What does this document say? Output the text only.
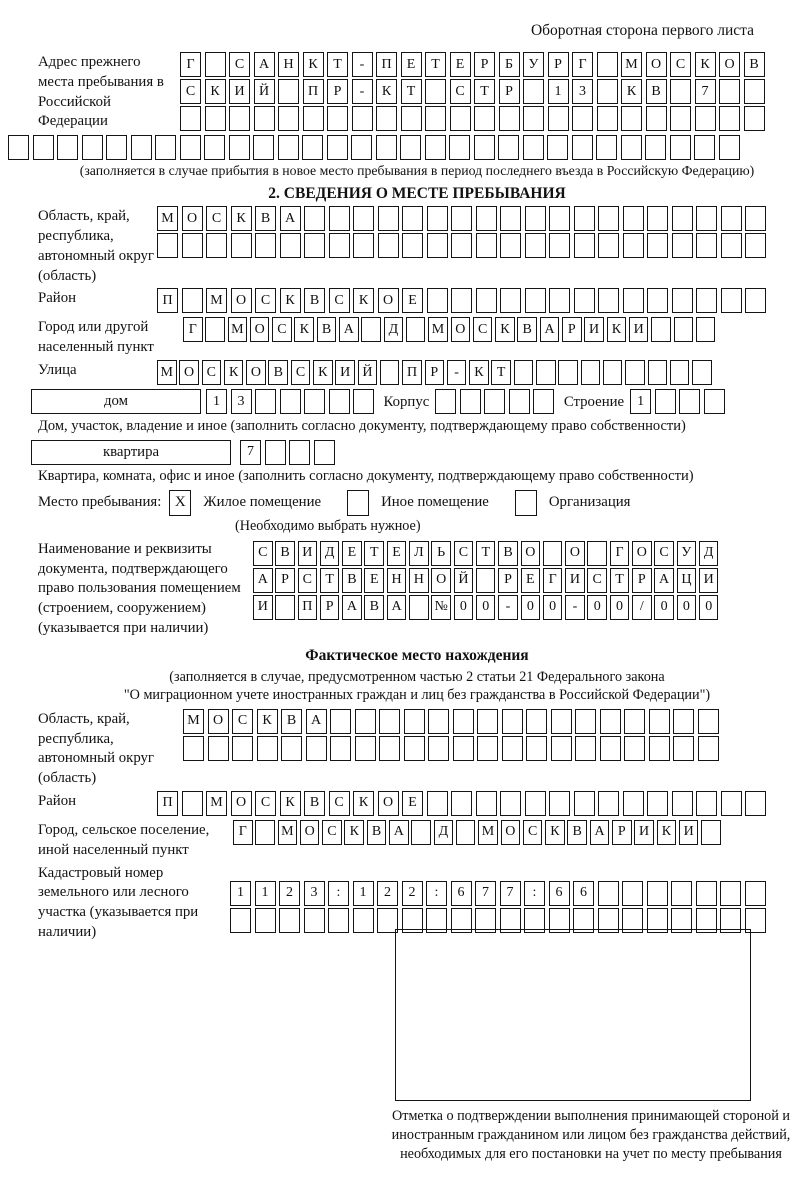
Оборотная сторона первого листа
Адрес прежнего места пребывания в Российской Федерации
Г	С	А	Н	К	Т	-	П	Е	Т	Е	Р	Б	У	Р	Г	М О	С	К	О	В
С	К	И	Й	П	Р	-	К	Т	С	Т	Р	1	3	К	В	7
(заполняется в случае прибытия в новое место пребывания в период последнего въезда в Российскую Федерацию)
2. СВЕДЕНИЯ О МЕСТЕ ПРЕБЫВАНИЯ
Область, край, республика, автономный округ (область)
М О	С	К	В	А
Район	П	М О	С	К	В	С	К	О	Е
Город или другой населенный пункт
Г	М О С К В А	Д	М О С К В А Р И К И
Улица	М О С К О В С К И Й	П Р	-	К Т
дом	1	3	Корпус	Строение 1
Дом, участок, владение и иное (заполнить согласно документу, подтверждающему право собственности)
квартира	7
Квартира, комната, офис и иное (заполнить согласно документу, подтверждающему право собственности)
Место пребывания: X	Жилое помещение	Иное помещение	Организация
(Необходимо выбрать нужное)
Наименование и реквизиты документа, подтверждающего право пользования помещением (строением, сооружением) (указывается при наличии)
С В И Д Е Т Е Л Ь С Т В О	О	Г О С У Д
А Р С Т В Е Н Н О Й	Р	Е Г И С Т	Р А Ц И
И	П Р А В А	№ 0	0	-	0	0	-	0	0	/	0	0	0
Фактическое место нахождения
(заполняется в случае, предусмотренном частью 2 статьи 21 Федерального закона
"О миграционном учете иностранных граждан и лиц без гражданства в Российской Федерации")
Область, край, республика, автономный округ (область)
М О	С	К	В	А
Район	П	М О	С	К	В	С	К	О	Е
Город, сельское поселение, иной населенный пункт
Г	М О С К В А	Д	М О С К В А Р И К И
Кадастровый номер земельного или лесного участка (указывается при наличии)
1	1	2	3	:	1	2	2	:	6	7	7	:	6	6
Отметка о подтверждении выполнения принимающей стороной и иностранным гражданином или лицом без гражданства действий, необходимых для его постановки на учет по месту пребывания
